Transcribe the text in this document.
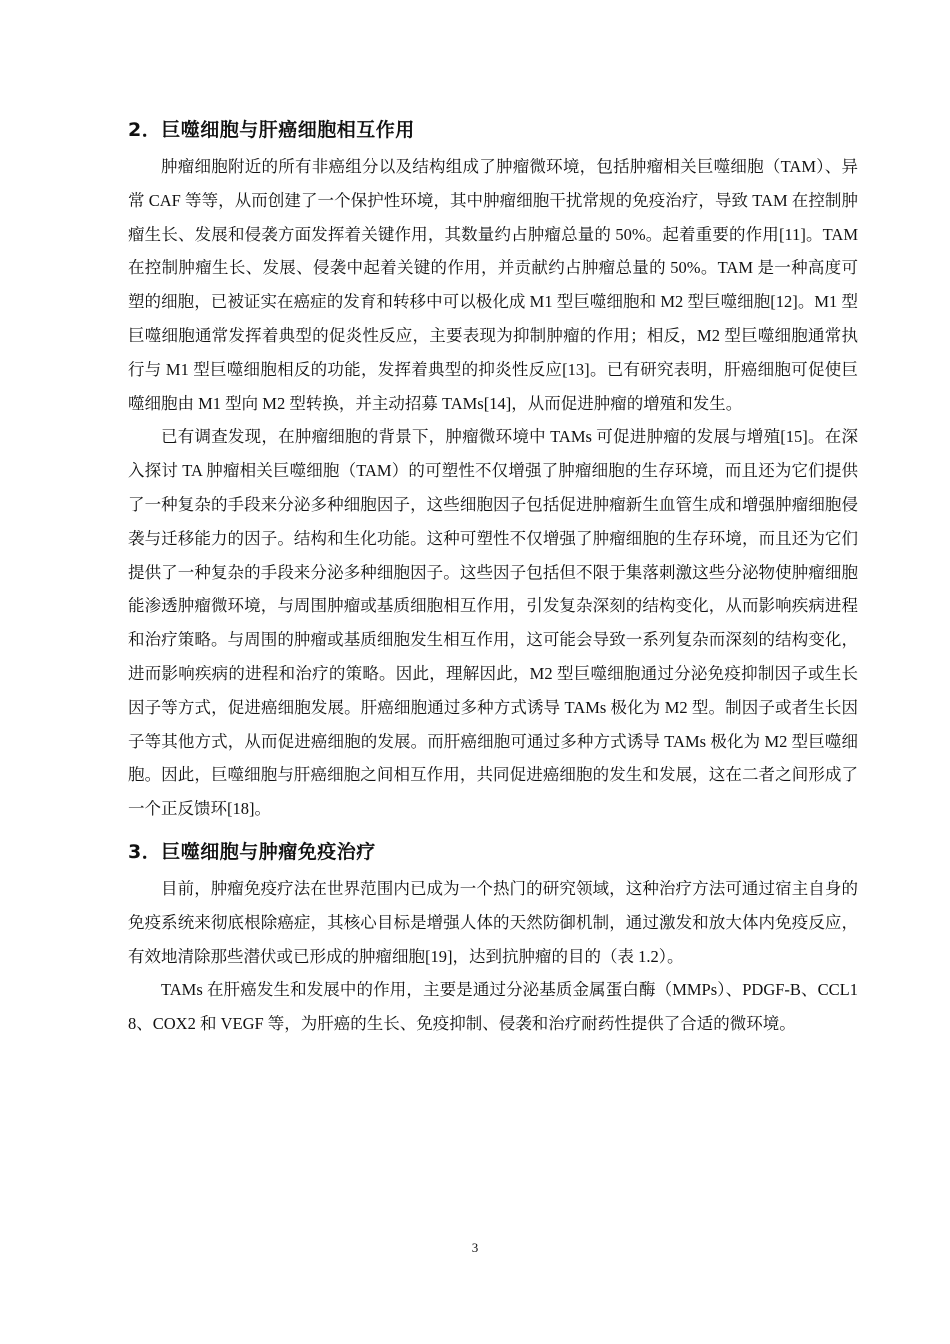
2．巨噬细胞与肝癌细胞相互作用

肿瘤细胞附近的所有非癌组分以及结构组成了肿瘤微环境，包括肿瘤相关巨噬细胞（TAM）、异常 CAF 等等，从而创建了一个保护性环境，其中肿瘤细胞干扰常规的免疫治疗，导致 TAM 在控制肿瘤生长、发展和侵袭方面发挥着关键作用，其数量约占肿瘤总量的 50%。起着重要的作用[11]。TAM 在控制肿瘤生长、发展、侵袭中起着关键的作用，并贡献约占肿瘤总量的 50%。TAM 是一种高度可塑的细胞，已被证实在癌症的发育和转移中可以极化成 M1 型巨噬细胞和 M2 型巨噬细胞[12]。M1 型巨噬细胞通常发挥着典型的促炎性反应，主要表现为抑制肿瘤的作用；相反，M2 型巨噬细胞通常执行与 M1 型巨噬细胞相反的功能，发挥着典型的抑炎性反应[13]。已有研究表明，肝癌细胞可促使巨噬细胞由 M1 型向 M2 型转换，并主动招募 TAMs[14]，从而促进肿瘤的增殖和发生。

已有调查发现，在肿瘤细胞的背景下，肿瘤微环境中 TAMs 可促进肿瘤的发展与增殖[15]。在深入探讨 TA 肿瘤相关巨噬细胞（TAM）的可塑性不仅增强了肿瘤细胞的生存环境，而且还为它们提供了一种复杂的手段来分泌多种细胞因子，这些细胞因子包括促进肿瘤新生血管生成和增强肿瘤细胞侵袭与迁移能力的因子。结构和生化功能。这种可塑性不仅增强了肿瘤细胞的生存环境，而且还为它们提供了一种复杂的手段来分泌多种细胞因子。这些因子包括但不限于集落刺激这些分泌物使肿瘤细胞能渗透肿瘤微环境，与周围肿瘤或基质细胞相互作用，引发复杂深刻的结构变化，从而影响疾病进程和治疗策略。与周围的肿瘤或基质细胞发生相互作用，这可能会导致一系列复杂而深刻的结构变化，进而影响疾病的进程和治疗的策略。因此，理解因此，M2 型巨噬细胞通过分泌免疫抑制因子或生长因子等方式，促进癌细胞发展。肝癌细胞通过多种方式诱导 TAMs 极化为 M2 型。制因子或者生长因子等其他方式，从而促进癌细胞的发展。而肝癌细胞可通过多种方式诱导 TAMs 极化为 M2 型巨噬细胞。因此，巨噬细胞与肝癌细胞之间相互作用，共同促进癌细胞的发生和发展，这在二者之间形成了一个正反馈环[18]。

3．巨噬细胞与肿瘤免疫治疗

目前，肿瘤免疫疗法在世界范围内已成为一个热门的研究领域，这种治疗方法可通过宿主自身的免疫系统来彻底根除癌症，其核心目标是增强人体的天然防御机制，通过激发和放大体内免疫反应，有效地清除那些潜伏或已形成的肿瘤细胞[19]，达到抗肿瘤的目的（表 1.2）。

TAMs 在肝癌发生和发展中的作用，主要是通过分泌基质金属蛋白酶（MMPs）、PDGF-B、CCL18、COX2 和 VEGF 等，为肝癌的生长、免疫抑制、侵袭和治疗耐药性提供了合适的微环境。

3
